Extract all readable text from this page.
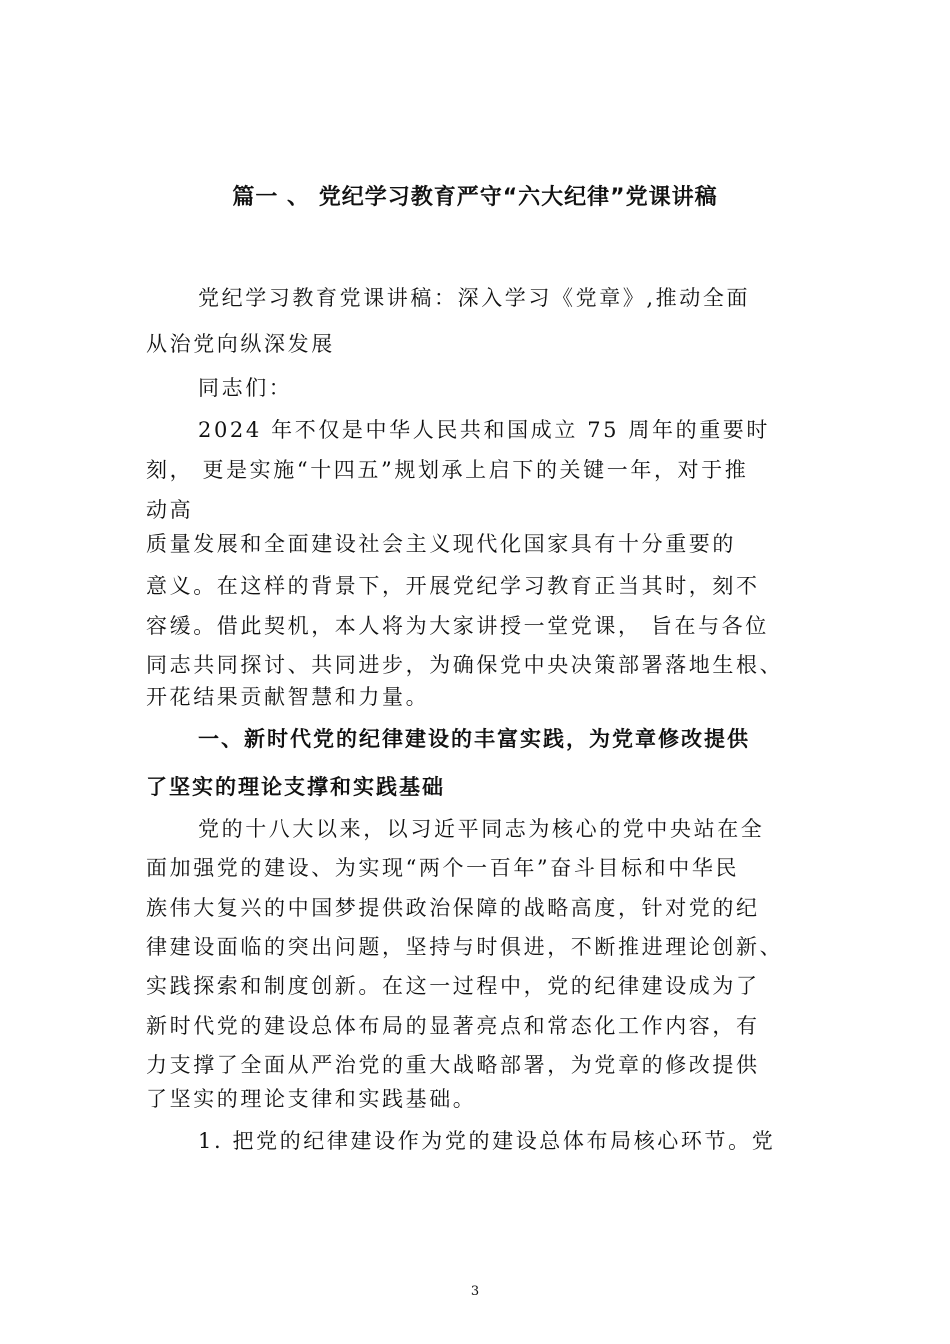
篇一 、 党纪学习教育严守“六大纪律”党课讲稿
党纪学习教育党课讲稿：深入学习《党章》,推动全面
从治党向纵深发展
同志们：
2024 年不仅是中华人民共和国成立 75 周年的重要时
刻， 更是实施“十四五”规划承上启下的关键一年，对于推
动高
质量发展和全面建设社会主义现代化国家具有十分重要的
意义。在这样的背景下，开展党纪学习教育正当其时，刻不
容缓。借此契机，本人将为大家讲授一堂党课， 旨在与各位
同志共同探讨、共同进步，为确保党中央决策部署落地生根、
开花结果贡献智慧和力量。
一、新时代党的纪律建设的丰富实践，为党章修改提供
了坚实的理论支撑和实践基础
党的十八大以来，以习近平同志为核心的党中央站在全
面加强党的建设、为实现“两个一百年”奋斗目标和中华民
族伟大复兴的中国梦提供政治保障的战略高度，针对党的纪
律建设面临的突出问题，坚持与时俱进，不断推进理论创新、
实践探索和制度创新。在这一过程中，党的纪律建设成为了
新时代党的建设总体布局的显著亮点和常态化工作内容，有
力支撑了全面从严治党的重大战略部署，为党章的修改提供
了坚实的理论支律和实践基础。
1. 把党的纪律建设作为党的建设总体布局核心环节。党
3
